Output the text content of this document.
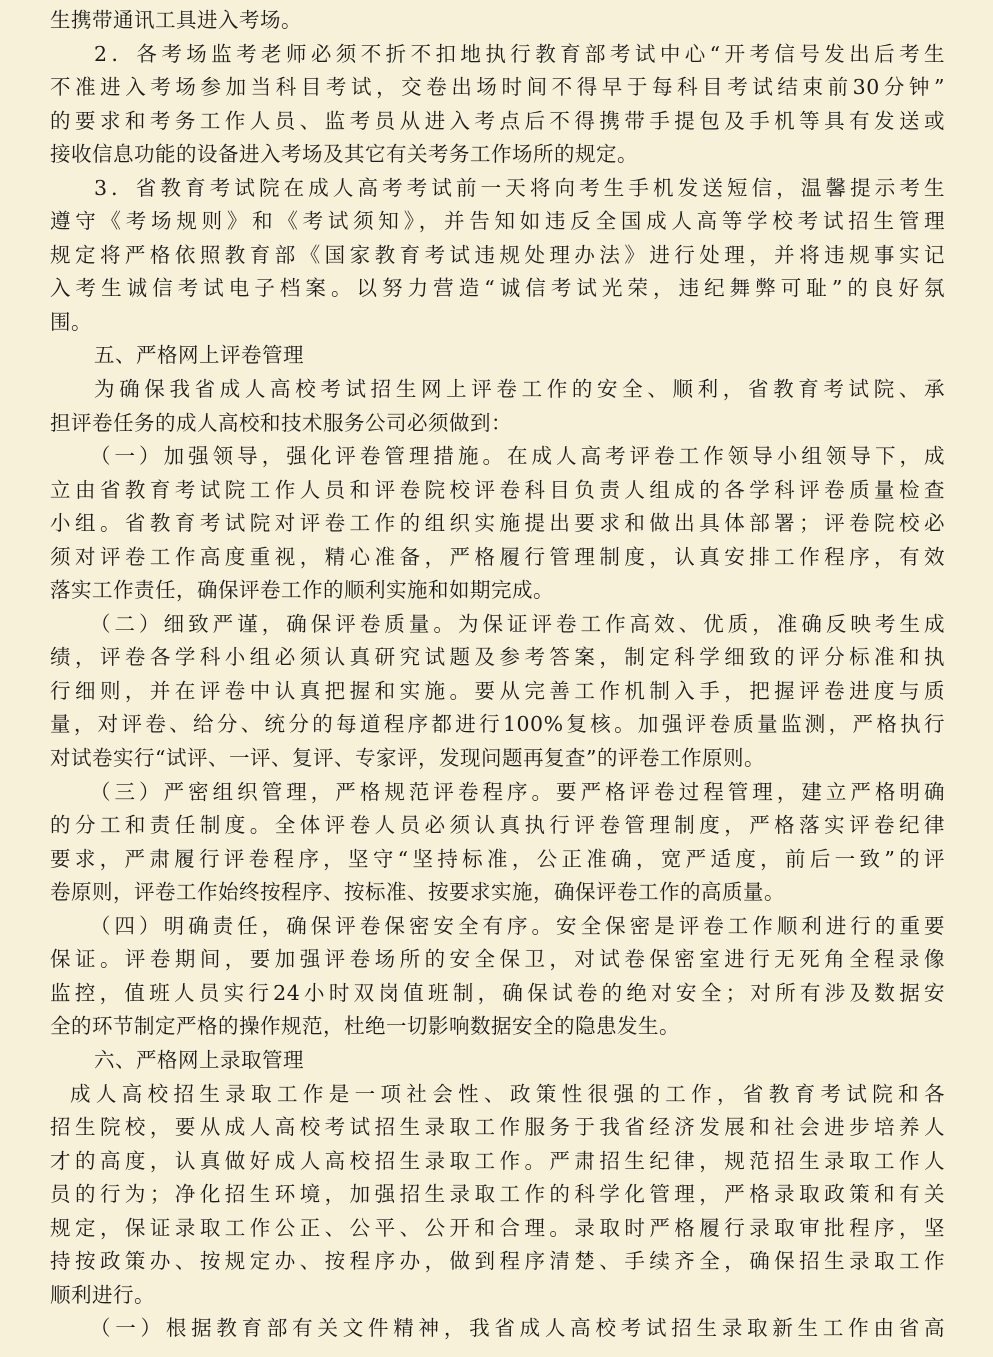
生携带通讯工具进入考场。
2．各考场监考老师必须不折不扣地执行教育部考试中心“开考信号发出后考生
不准进入考场参加当科目考试，交卷出场时间不得早于每科目考试结束前30分钟”
的要求和考务工作人员、监考员从进入考点后不得携带手提包及手机等具有发送或
接收信息功能的设备进入考场及其它有关考务工作场所的规定。
3．省教育考试院在成人高考考试前一天将向考生手机发送短信，温馨提示考生
遵守《考场规则》和《考试须知》，并告知如违反全国成人高等学校考试招生管理
规定将严格依照教育部《国家教育考试违规处理办法》进行处理，并将违规事实记
入考生诚信考试电子档案。以努力营造“诚信考试光荣，违纪舞弊可耻”的良好氛
围。
五、严格网上评卷管理
为确保我省成人高校考试招生网上评卷工作的安全、顺利，省教育考试院、承
担评卷任务的成人高校和技术服务公司必须做到：
（一）加强领导，强化评卷管理措施。在成人高考评卷工作领导小组领导下，成
立由省教育考试院工作人员和评卷院校评卷科目负责人组成的各学科评卷质量检查
小组。省教育考试院对评卷工作的组织实施提出要求和做出具体部署；评卷院校必
须对评卷工作高度重视，精心准备，严格履行管理制度，认真安排工作程序，有效
落实工作责任，确保评卷工作的顺利实施和如期完成。
（二）细致严谨，确保评卷质量。为保证评卷工作高效、优质，准确反映考生成
绩，评卷各学科小组必须认真研究试题及参考答案，制定科学细致的评分标准和执
行细则，并在评卷中认真把握和实施。要从完善工作机制入手，把握评卷进度与质
量，对评卷、给分、统分的每道程序都进行100%复核。加强评卷质量监测，严格执行
对试卷实行“试评、一评、复评、专家评，发现问题再复查”的评卷工作原则。
（三）严密组织管理，严格规范评卷程序。要严格评卷过程管理，建立严格明确
的分工和责任制度。全体评卷人员必须认真执行评卷管理制度，严格落实评卷纪律
要求，严肃履行评卷程序，坚守“坚持标准，公正准确，宽严适度，前后一致”的评
卷原则，评卷工作始终按程序、按标准、按要求实施，确保评卷工作的高质量。
（四）明确责任，确保评卷保密安全有序。安全保密是评卷工作顺利进行的重要
保证。评卷期间，要加强评卷场所的安全保卫，对试卷保密室进行无死角全程录像
监控，值班人员实行24小时双岗值班制，确保试卷的绝对安全；对所有涉及数据安
全的环节制定严格的操作规范，杜绝一切影响数据安全的隐患发生。
六、严格网上录取管理
成人高校招生录取工作是一项社会性、政策性很强的工作，省教育考试院和各
招生院校，要从成人高校考试招生录取工作服务于我省经济发展和社会进步培养人
才的高度，认真做好成人高校招生录取工作。严肃招生纪律，规范招生录取工作人
员的行为；净化招生环境，加强招生录取工作的科学化管理，严格录取政策和有关
规定，保证录取工作公正、公平、公开和合理。录取时严格履行录取审批程序，坚
持按政策办、按规定办、按程序办，做到程序清楚、手续齐全，确保招生录取工作
顺利进行。
（一）根据教育部有关文件精神，我省成人高校考试招生录取新生工作由省高
